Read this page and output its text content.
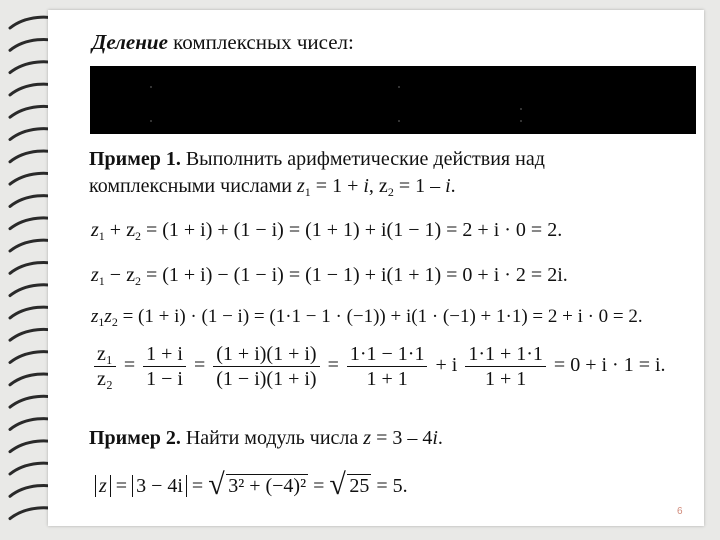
Деление комплексных чисел:
Пример 1. Выполнить арифметические действия над
комплексными числами $z_1 = 1 + i$, $z_2 = 1 - i$.
$z_1 + z_2 = (1 + i) + (1 - i) = (1 + 1) + i(1 - 1) = 2 + i \cdot 0 = 2$.
$z_1 - z_2 = (1 + i) - (1 - i) = (1 - 1) + i(1 + 1) = 0 + i \cdot 2 = 2i$.
$z_1z_2 = (1 + i) \cdot (1 - i) = (1\cdot 1 - 1 \cdot (-1)) + i(1 \cdot (-1) + 1\cdot 1) = 2 + i \cdot 0 = 2$.
$\frac{\text{z₁}}{\text{z₂}} = \frac{1 + i}{1 - i} = \frac{(1 + i)(1 + i)}{(1 - i)(1 + i)} = \frac{1\cdot 1 - 1\cdot 1}{1 + 1} + i \frac{1\cdot 1 + 1\cdot 1}{1 + 1} = 0 + i \cdot 1 = i$.
Пример 2. Найти модуль числа z = 3 – 4i.
z = 3 − 4i = √ 3² + (−4)² = √ 25 = 5.
6
